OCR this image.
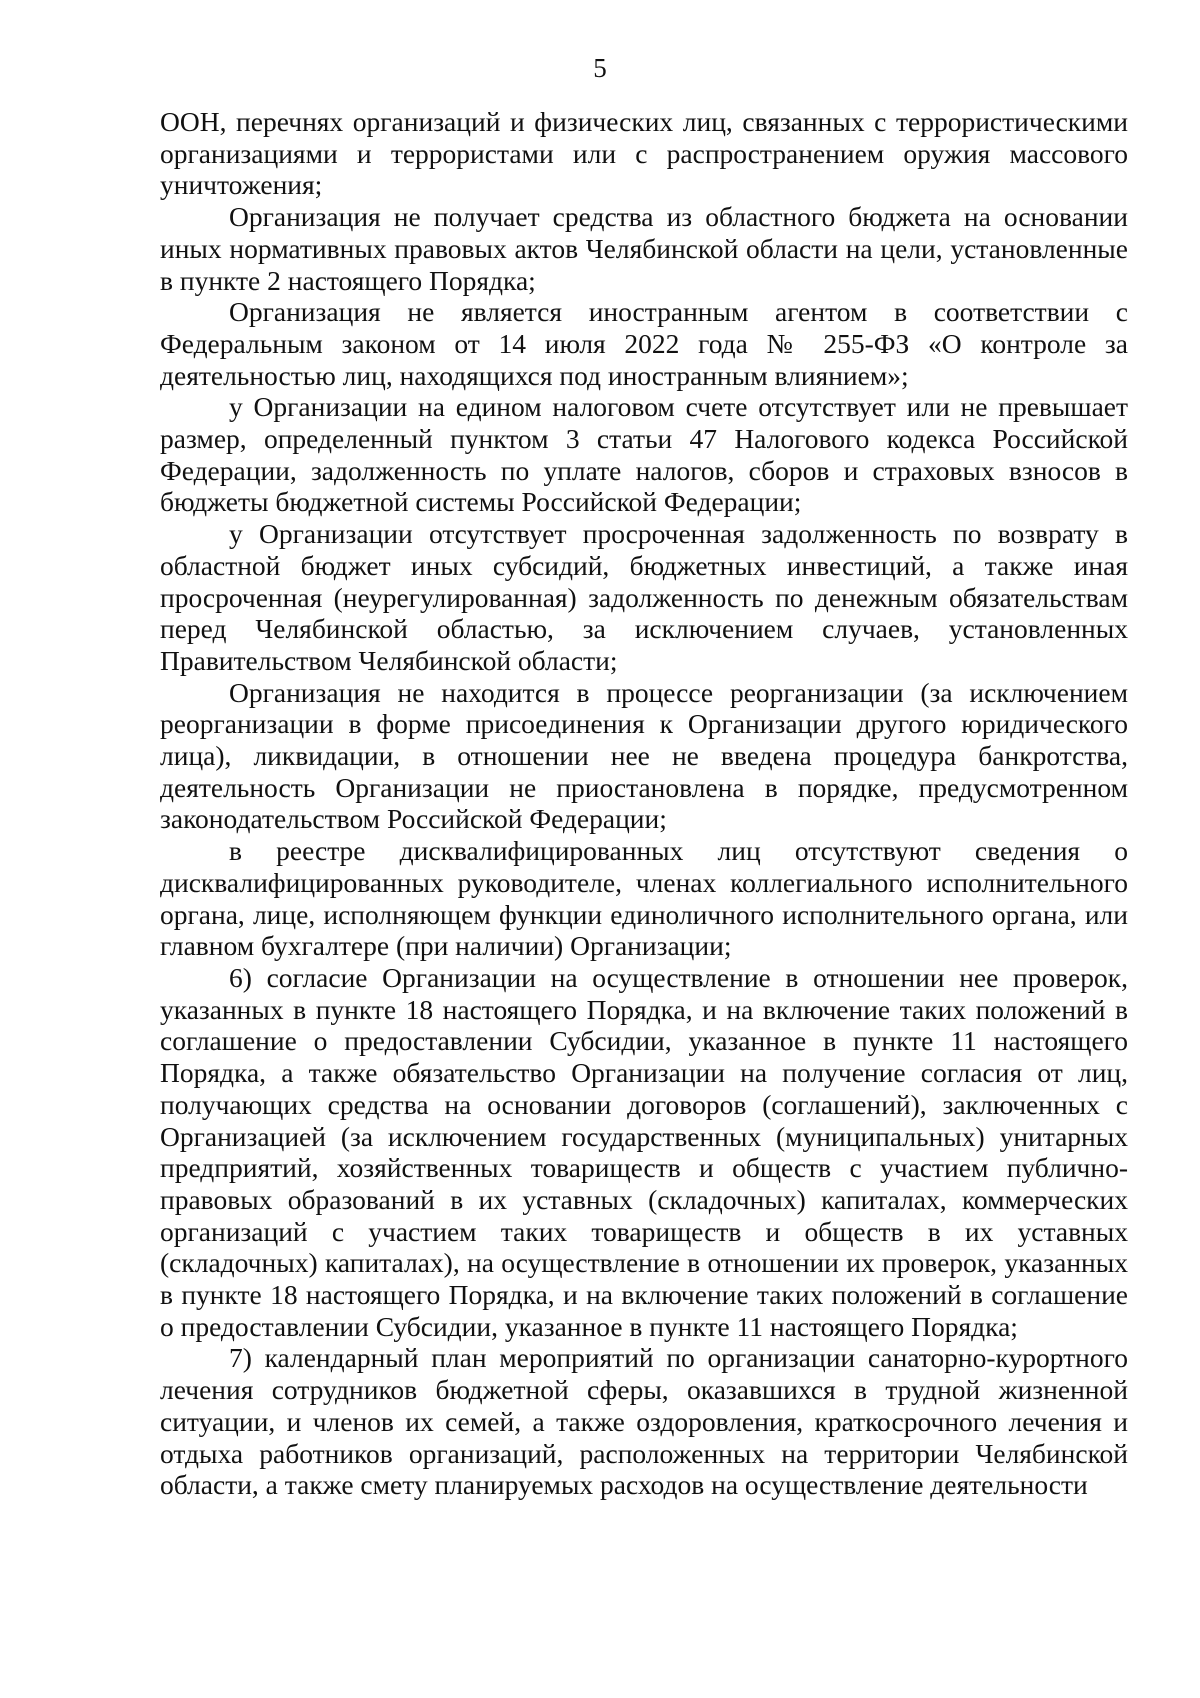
5

ООН, перечнях организаций и физических лиц, связанных с террористическими организациями и террористами или с распространением оружия массового уничтожения;

Организация не получает средства из областного бюджета на основании иных нормативных правовых актов Челябинской области на цели, установленные в пункте 2 настоящего Порядка;

Организация не является иностранным агентом в соответствии с Федеральным законом от 14 июля 2022 года № 255-ФЗ «О контроле за деятельностью лиц, находящихся под иностранным влиянием»;

у Организации на едином налоговом счете отсутствует или не превышает размер, определенный пунктом 3 статьи 47 Налогового кодекса Российской Федерации, задолженность по уплате налогов, сборов и страховых взносов в бюджеты бюджетной системы Российской Федерации;

у Организации отсутствует просроченная задолженность по возврату в областной бюджет иных субсидий, бюджетных инвестиций, а также иная просроченная (неурегулированная) задолженность по денежным обязательствам перед Челябинской областью, за исключением случаев, установленных Правительством Челябинской области;

Организация не находится в процессе реорганизации (за исключением реорганизации в форме присоединения к Организации другого юридического лица), ликвидации, в отношении нее не введена процедура банкротства, деятельность Организации не приостановлена в порядке, предусмотренном законодательством Российской Федерации;

в реестре дисквалифицированных лиц отсутствуют сведения о дисквалифицированных руководителе, членах коллегиального исполнительного органа, лице, исполняющем функции единоличного исполнительного органа, или главном бухгалтере (при наличии) Организации;

6) согласие Организации на осуществление в отношении нее проверок, указанных в пункте 18 настоящего Порядка, и на включение таких положений в соглашение о предоставлении Субсидии, указанное в пункте 11 настоящего Порядка, а также обязательство Организации на получение согласия от лиц, получающих средства на основании договоров (соглашений), заключенных с Организацией (за исключением государственных (муниципальных) унитарных предприятий, хозяйственных товариществ и обществ с участием публично-правовых образований в их уставных (складочных) капиталах, коммерческих организаций с участием таких товариществ и обществ в их уставных (складочных) капиталах), на осуществление в отношении их проверок, указанных в пункте 18 настоящего Порядка, и на включение таких положений в соглашение о предоставлении Субсидии, указанное в пункте 11 настоящего Порядка;

7) календарный план мероприятий по организации санаторно-курортного лечения сотрудников бюджетной сферы, оказавшихся в трудной жизненной ситуации, и членов их семей, а также оздоровления, краткосрочного лечения и отдыха работников организаций, расположенных на территории Челябинской области, а также смету планируемых расходов на осуществление деятельности
